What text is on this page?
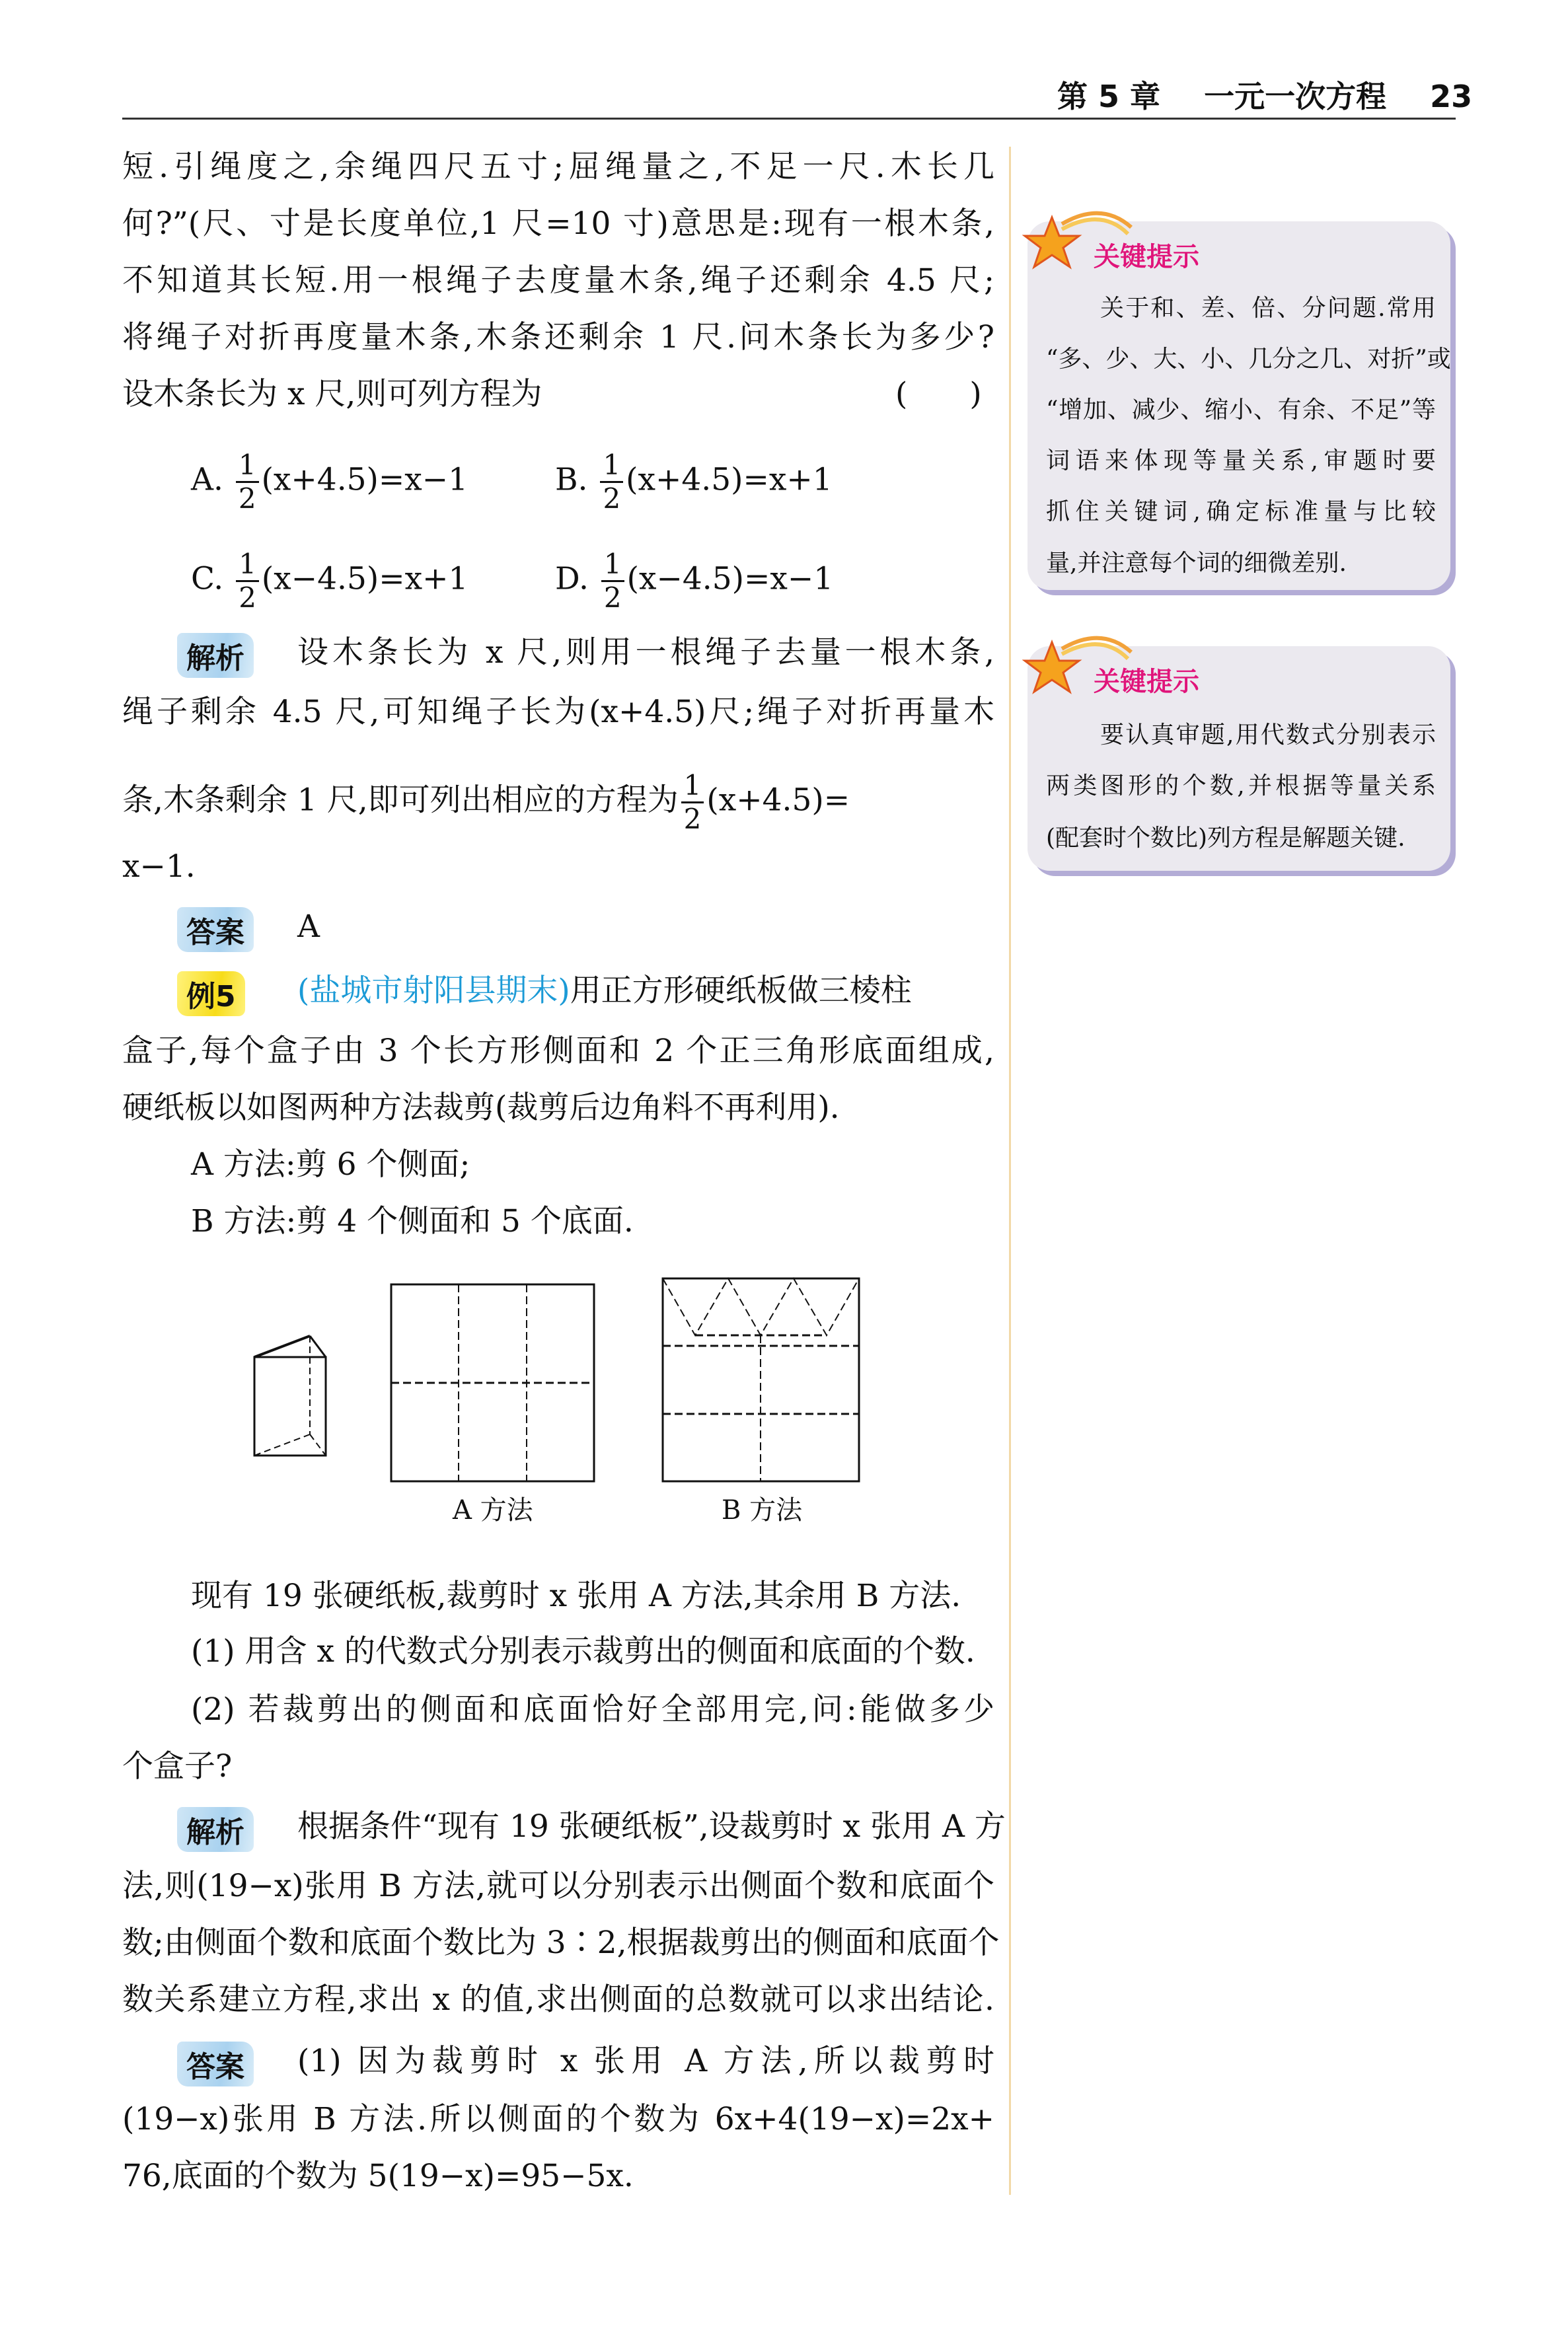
第 5 章 一元一次方程 23
短.引绳度之,余绳四尺五寸;屈绳量之,不足一尺.木长几
何?”(尺、寸是长度单位,1 尺=10 寸)意思是:现有一根木条,
不知道其长短.用一根绳子去度量木条,绳子还剩余 4.5 尺;
将绳子对折再度量木条,木条还剩余 1 尺.问木条长为多少?
设木条长为 x 尺,则可列方程为	(　　)
A. $\frac{1}{2} (x+4.5)=x-1$	B. $\frac{1}{2} (x+4.5)=x+1$
C. $\frac{1}{2} (x-4.5)=x+1$	D. $\frac{1}{2} (x-4.5)=x-1$
解析 设木条长为 x 尺,则用一根绳子去量一根木条,
绳子剩余 4.5 尺,可知绳子长为(x+4.5)尺;绳子对折再量木
条,木条剩余 1 尺,即可列出相应的方程为 $\frac{1}{2} (x+4.5)=$
x−1.
答案 A
例5 (盐城市射阳县期末)用正方形硬纸板做三棱柱
盒子,每个盒子由 3 个长方形侧面和 2 个正三角形底面组成,
硬纸板以如图两种方法裁剪(裁剪后边角料不再利用).
A 方法:剪 6 个侧面;
B 方法:剪 4 个侧面和 5 个底面.
A 方法	B 方法
现有 19 张硬纸板,裁剪时 x 张用 A 方法,其余用 B 方法.
(1) 用含 x 的代数式分别表示裁剪出的侧面和底面的个数.
(2) 若裁剪出的侧面和底面恰好全部用完,问:能做多少
个盒子?
解析 根据条件“现有 19 张硬纸板”,设裁剪时 x 张用 A 方
法,则(19−x)张用 B 方法,就可以分别表示出侧面个数和底面个
数;由侧面个数和底面个数比为 3∶2,根据裁剪出的侧面和底面个
数关系建立方程,求出 x 的值,求出侧面的总数就可以求出结论.
答案 (1) 因为裁剪时 x 张用 A 方法,所以裁剪时
(19−x)张用 B 方法.所以侧面的个数为 6x+4(19−x)=2x+
76,底面的个数为 5(19−x)=95−5x.
关键提示
关于和、差、倍、分问题.常用
“多、少、大、小、几分之几、对折”或
“增加、减少、缩小、有余、不足”等
词语来体现等量关系,审题时要
抓住关键词,确定标准量与比较
量,并注意每个词的细微差别.
关键提示
要认真审题,用代数式分别表示
两类图形的个数,并根据等量关系
(配套时个数比)列方程是解题关键.
